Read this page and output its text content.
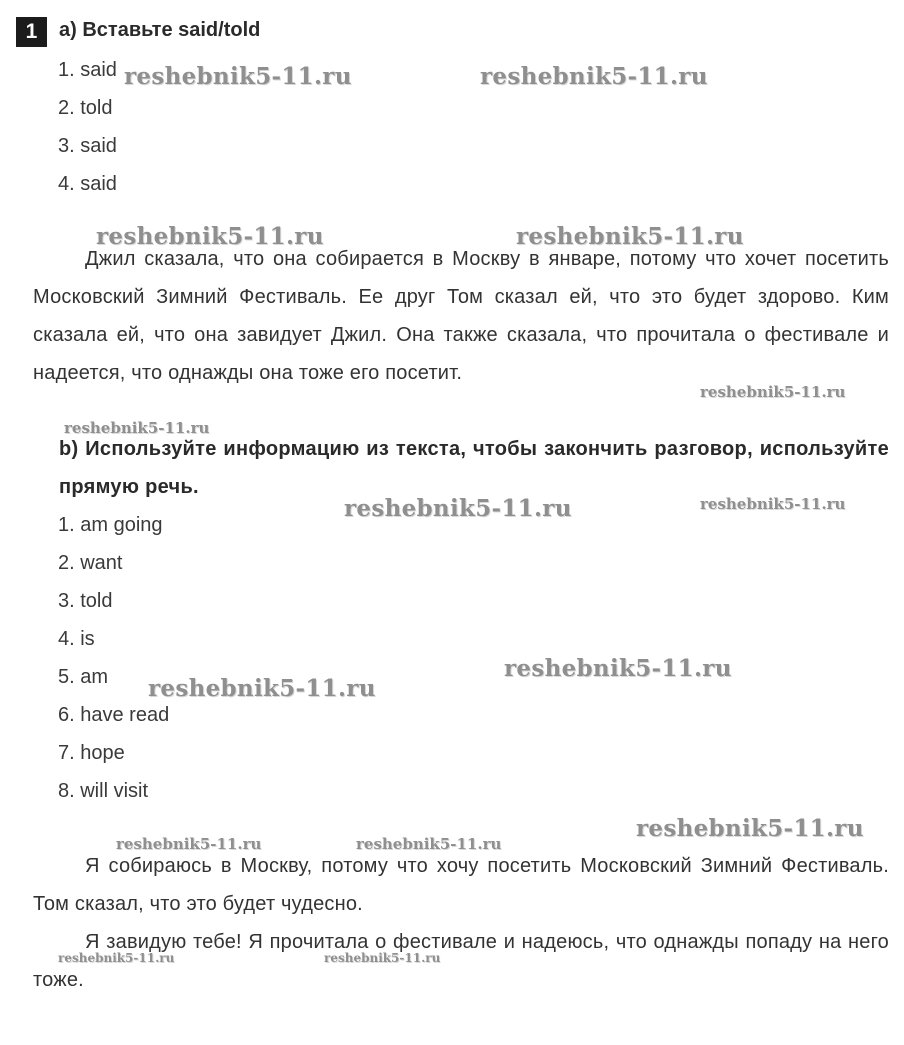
1	a) Вставьте said/told
1. said
2. told
3. said
4. said

Джил сказала, что она собирается в Москву в январе, потому что хочет посетить Московский Зимний Фестиваль. Ее друг Том сказал ей, что это будет здорово. Ким сказала ей, что она завидует Джил. Она также сказала, что прочитала о фестивале и надеется, что однажды она тоже его посетит.

b) Используйте информацию из текста, чтобы закончить разговор, используйте прямую речь.
1. am going
2. want
3. told
4. is
5. am
6. have read
7. hope
8. will visit

Я собираюсь в Москву, потому что хочу посетить Московский Зимний Фестиваль. Том сказал, что это будет чудесно.

Я завидую тебе! Я прочитала о фестивале и надеюсь, что однажды попаду на него тоже.

reshebnik5-11.ru	reshebnik5-11.ru
reshebnik5-11.ru	reshebnik5-11.ru
reshebnik5-11.ru
reshebnik5-11.ru
reshebnik5-11.ru	reshebnik5-11.ru
reshebnik5-11.ru
reshebnik5-11.ru
reshebnik5-11.ru
reshebnik5-11.ru	reshebnik5-11.ru
reshebnik5-11.ru	reshebnik5-11.ru
